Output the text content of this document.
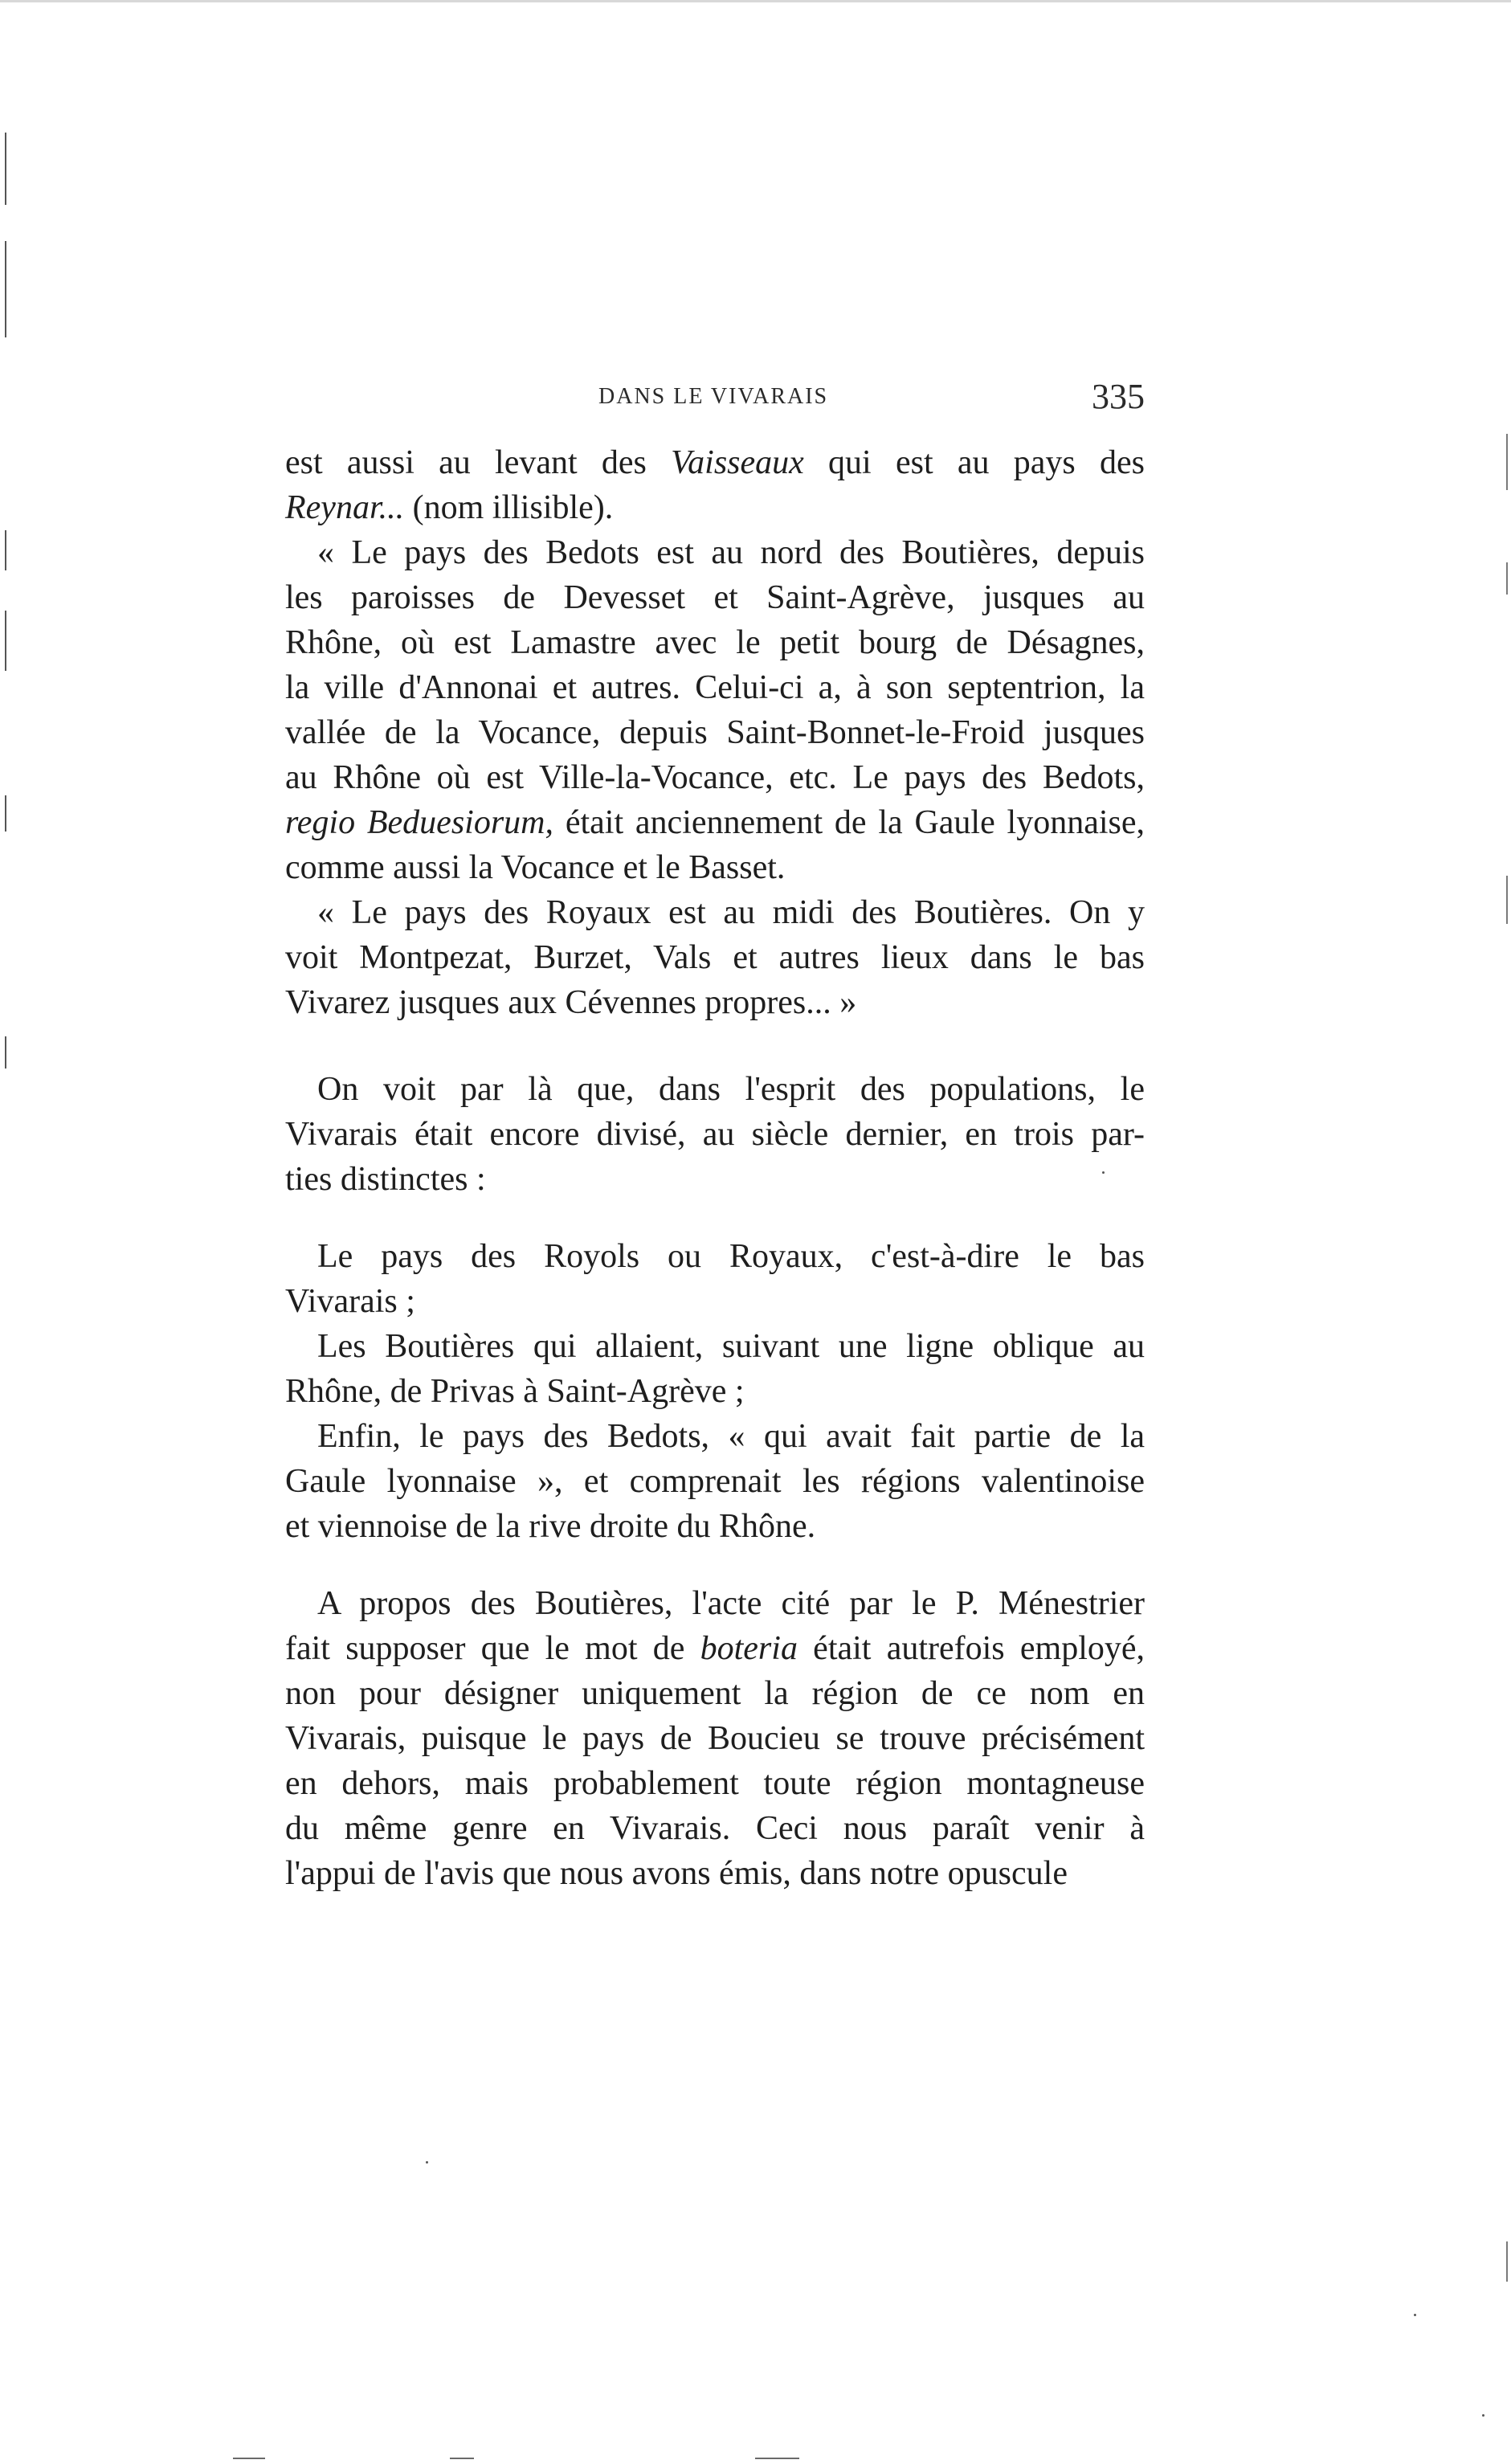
DANS LE VIVARAIS	335

est aussi au levant des Vaisseaux qui est au pays des
Reynar... (nom illisible).

« Le pays des Bedots est au nord des Boutières, depuis
les paroisses de Devesset et Saint-Agrève, jusques au
Rhône, où est Lamastre avec le petit bourg de Désagnes,
la ville d'Annonai et autres. Celui-ci a, à son septentrion, la
vallée de la Vocance, depuis Saint-Bonnet-le-Froid jusques
au Rhône où est Ville-la-Vocance, etc. Le pays des Bedots,
regio Beduesiorum, était anciennement de la Gaule lyonnaise,
comme aussi la Vocance et le Basset.

« Le pays des Royaux est au midi des Boutières. On y
voit Montpezat, Burzet, Vals et autres lieux dans le bas
Vivarez jusques aux Cévennes propres... »

On voit par là que, dans l'esprit des populations, le
Vivarais était encore divisé, au siècle dernier, en trois par-
ties distinctes :

Le pays des Royols ou Royaux, c'est-à-dire le bas
Vivarais ;

Les Boutières qui allaient, suivant une ligne oblique au
Rhône, de Privas à Saint-Agrève ;

Enfin, le pays des Bedots, « qui avait fait partie de la
Gaule lyonnaise », et comprenait les régions valentinoise
et viennoise de la rive droite du Rhône.

A propos des Boutières, l'acte cité par le P. Ménestrier
fait supposer que le mot de boteria était autrefois employé,
non pour désigner uniquement la région de ce nom en
Vivarais, puisque le pays de Boucieu se trouve précisément
en dehors, mais probablement toute région montagneuse
du même genre en Vivarais. Ceci nous paraît venir à
l'appui de l'avis que nous avons émis, dans notre opuscule
